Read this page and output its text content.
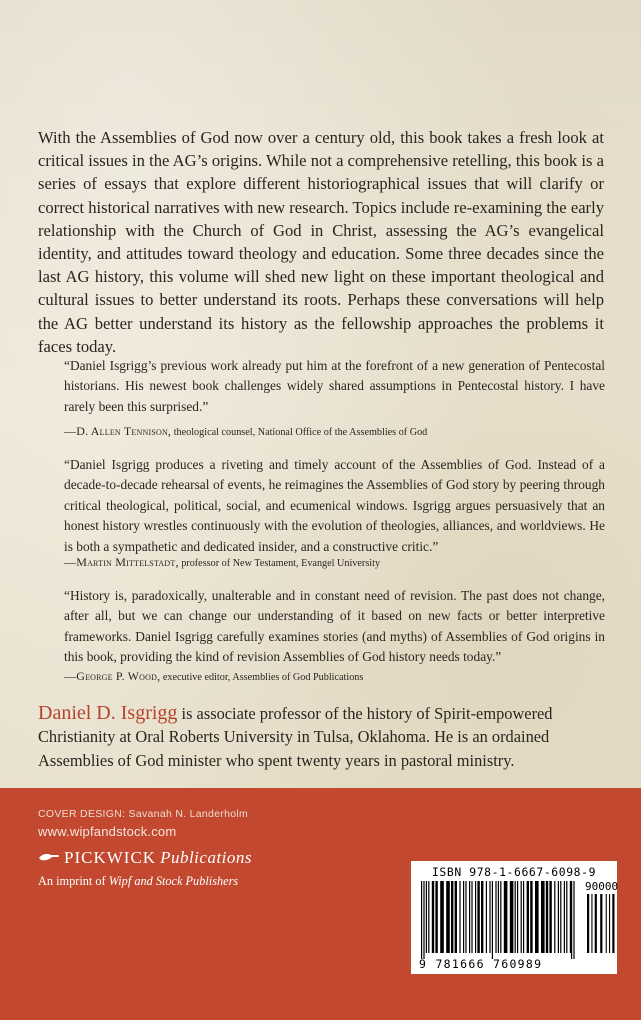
With the Assemblies of God now over a century old, this book takes a fresh look at critical issues in the AG’s origins. While not a comprehensive retelling, this book is a series of essays that explore different historiographical issues that will clarify or correct historical narratives with new research. Topics include re-examining the early relationship with the Church of God in Christ, assessing the AG’s evangelical identity, and attitudes toward theology and education. Some three decades since the last AG history, this volume will shed new light on these important theological and cultural issues to better understand its roots. Perhaps these conversations will help the AG better understand its history as the fellowship approaches the problems it faces today.

“Daniel Isgrigg’s previous work already put him at the forefront of a new generation of Pentecostal historians. His newest book challenges widely shared assumptions in Pentecostal history. I have rarely been this surprised.”

—D. Allen Tennison, theological counsel, National Office of the Assemblies of God

“Daniel Isgrigg produces a riveting and timely account of the Assemblies of God. Instead of a decade-to-decade rehearsal of events, he reimagines the Assemblies of God story by peering through critical theological, political, social, and ecumenical windows. Isgrigg argues persuasively that an honest history wrestles continuously with the evolution of theologies, alliances, and worldviews. He is both a sympathetic and dedicated insider, and a constructive critic.”

—Martin Mittelstadt, professor of New Testament, Evangel University

“History is, paradoxically, unalterable and in constant need of revision. The past does not change, after all, but we can change our understanding of it based on new facts or better interpretive frameworks. Daniel Isgrigg carefully examines stories (and myths) of Assemblies of God origins in this book, providing the kind of revision Assemblies of God history needs today.”

—George P. Wood, executive editor, Assemblies of God Publications

Daniel D. Isgrigg is associate professor of the history of Spirit-empowered Christianity at Oral Roberts University in Tulsa, Oklahoma. He is an ordained Assemblies of God minister who spent twenty years in pastoral ministry.

COVER DESIGN: Savanah N. Landerholm

www.wipfandstock.com

PICKWICK Publications

An imprint of Wipf and Stock Publishers

ISBN 978-1-6667-6098-9

90000

9 781666 760989
